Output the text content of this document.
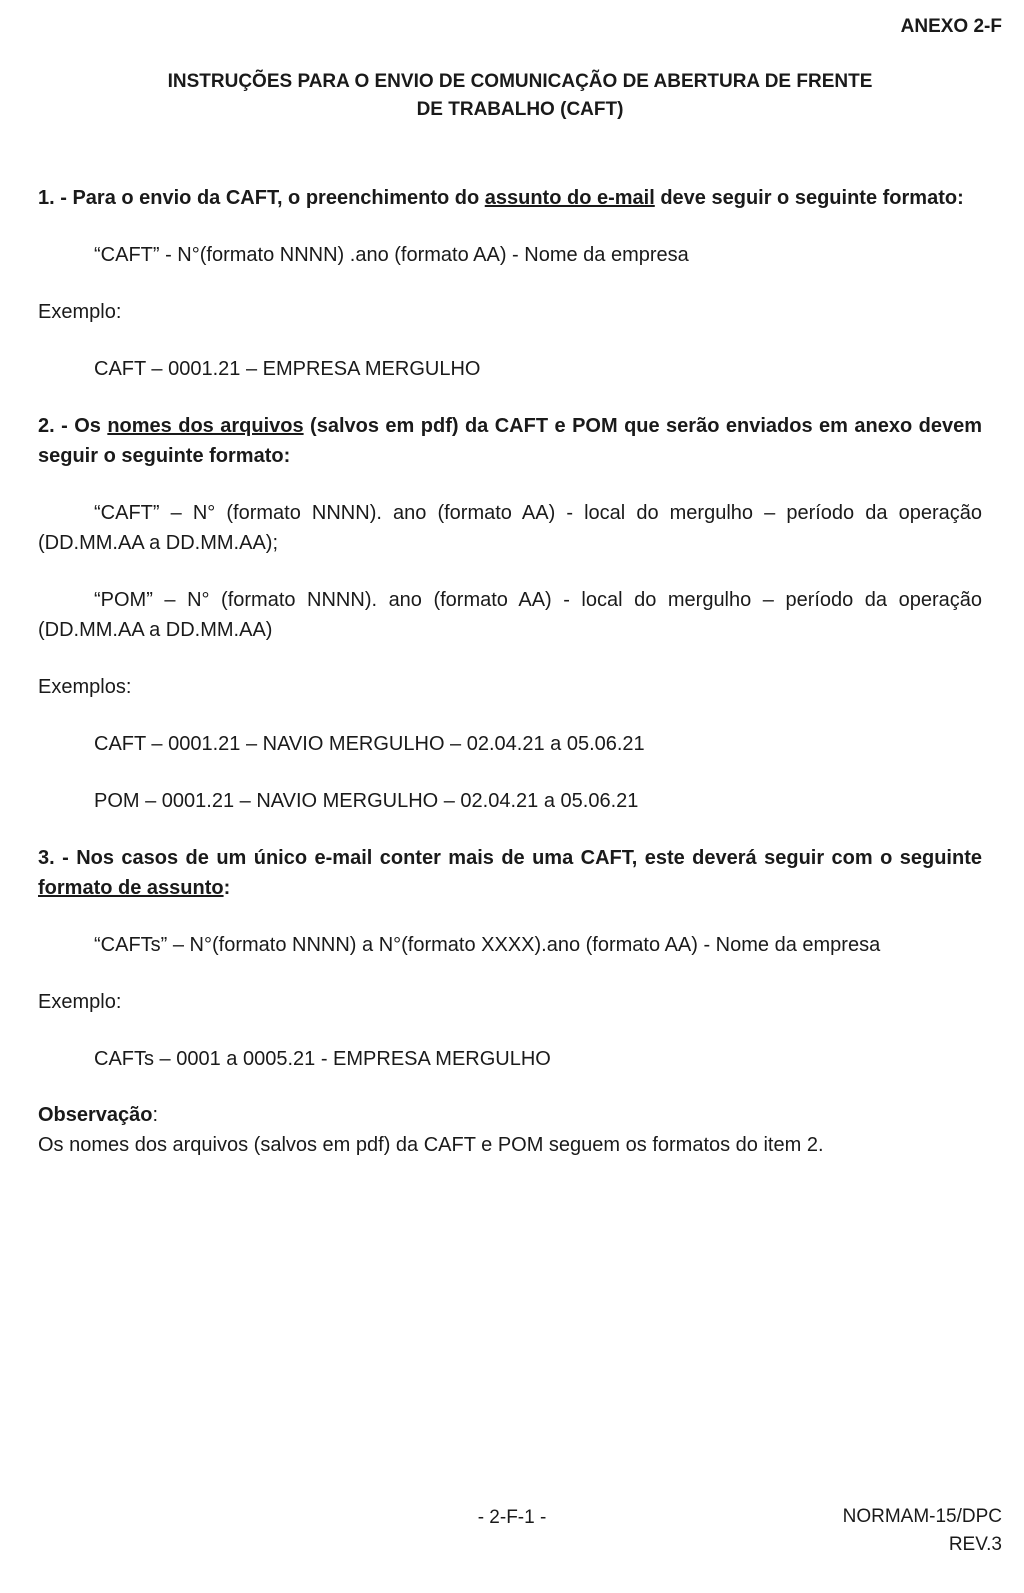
ANEXO 2-F
INSTRUÇÕES PARA O ENVIO DE COMUNICAÇÃO DE ABERTURA DE FRENTE
DE TRABALHO (CAFT)

1. - Para o envio da CAFT, o preenchimento do assunto do e-mail deve seguir o seguinte formato:

“CAFT” - N°(formato NNNN) .ano (formato AA) - Nome da empresa

Exemplo:

CAFT – 0001.21 – EMPRESA MERGULHO

2. - Os nomes dos arquivos (salvos em pdf) da CAFT e POM que serão enviados em anexo devem seguir o seguinte formato:

“CAFT” – N° (formato NNNN). ano (formato AA) - local do mergulho – período da operação (DD.MM.AA a DD.MM.AA);

“POM” – N° (formato NNNN). ano (formato AA) - local do mergulho – período da operação (DD.MM.AA a DD.MM.AA)

Exemplos:

CAFT – 0001.21 – NAVIO MERGULHO – 02.04.21 a 05.06.21

POM – 0001.21 – NAVIO MERGULHO – 02.04.21 a 05.06.21

3. - Nos casos de um único e-mail conter mais de uma CAFT, este deverá seguir com o seguinte formato de assunto:

“CAFTs” – N°(formato NNNN) a N°(formato XXXX).ano (formato AA) - Nome da empresa

Exemplo:

CAFTs – 0001 a 0005.21 - EMPRESA MERGULHO

Observação:

Os nomes dos arquivos (salvos em pdf) da CAFT e POM seguem os formatos do item 2.

- 2-F-1 -	NORMAM-15/DPC
REV.3
